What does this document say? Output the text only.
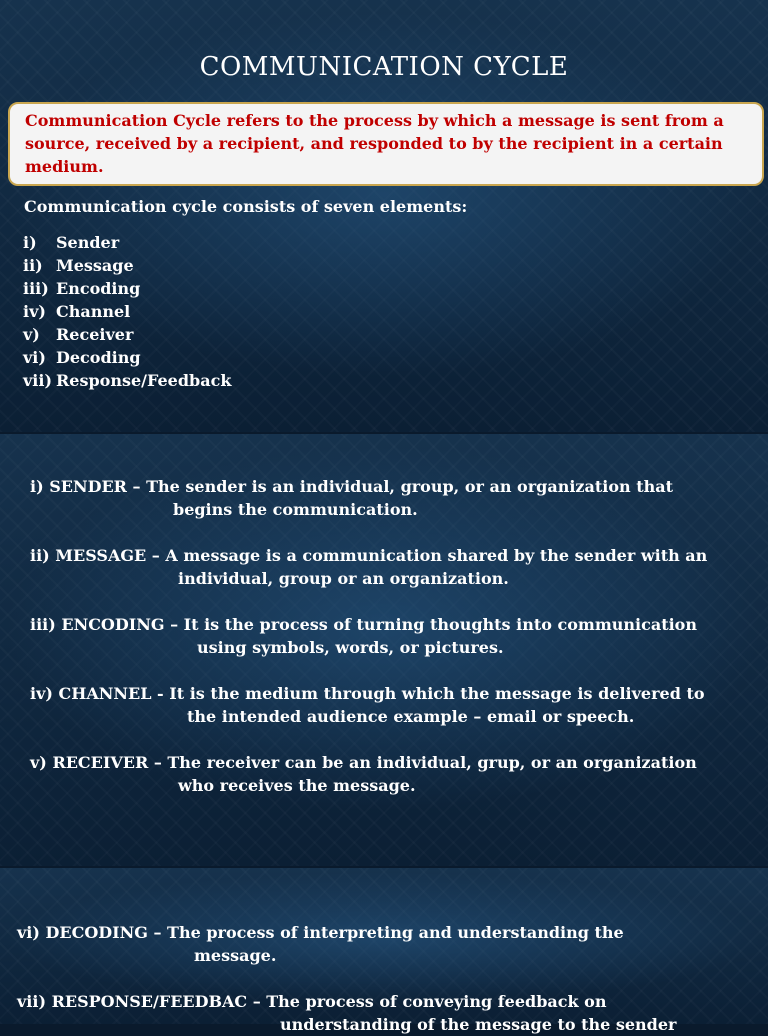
COMMUNICATION CYCLE

Communication Cycle refers to the process by which a message is sent from a source, received by a recipient, and responded to by the recipient in a certain medium.

Communication cycle consists of seven elements:
i) Sender
ii) Message
iii) Encoding
iv) Channel
v) Receiver
vi) Decoding
vii) Response/Feedback
i) SENDER – The sender is an individual, group, or an organization that
begins the communication.
ii) MESSAGE – A message is a communication shared by the sender with an
individual, group or an organization.
iii) ENCODING – It is the process of turning thoughts into communication
using symbols, words, or pictures.
iv) CHANNEL - It is the medium through which the message is delivered to
the intended audience example – email or speech.
v) RECEIVER – The receiver can be an individual, grup, or an organization
who receives the message.
vi) DECODING – The process of interpreting and understanding the
message.
vii) RESPONSE/FEEDBAC – The process of conveying feedback on
understanding of the message to the sender
